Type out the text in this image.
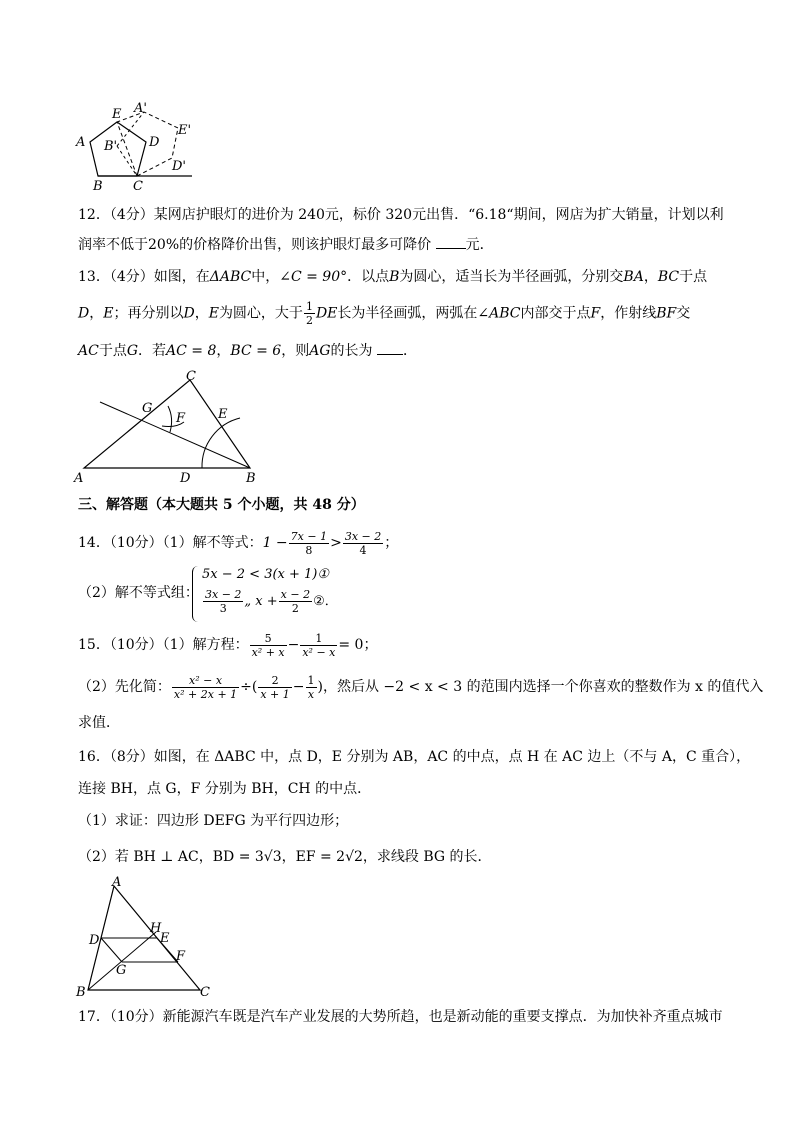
A
E A'
E'
B' D
D'
B C
12．（4分）某网店护眼灯的进价为 240元，标价 320元出售．“6.18“期间，网店为扩大销量，计划以利
润率不低于20%的价格降价出售，则该护眼灯最多可降价 元．
13．（4分）如图，在ΔABC中，∠C = 90°．以点B为圆心，适当长为半径画弧，分别交BA，BC于点
D，E；再分别以D，E为圆心，大于 $\frac{1}{2}$ DE长为半径画弧，两弧在∠ABC内部交于点F，作射线BF交
AC于点G．若AC = 8，BC = 6，则AG的长为 ．
A	B
C
D
E
F
G
三、解答题（本大题共 5 个小题，共 48 分）
14．（10分）（1）解不等式：$1 - \frac{7x - 1}{8} > \frac{3x - 2}{4}$ ；
（2）解不等式组：
5x − 2 < 3(x + 1)①
$\frac{3x - 2}{3}$ „ $x + \frac{x - 2}{2}$ ②．
15．（10分）（1）解方程： $\frac{5}{\text{x² + x}} - \frac{1}{\text{x² − x}} = 0$；
（2）先化简： $\frac{\text{x² − x}}{\text{x² + 2x + 1}}$ ÷( $\frac{2}{x + 1} - \frac{1}{x}$ )，然后从 −2 < x < 3 的范围内选择一个你喜欢的整数作为 x 的值代入
求值．
16．（8分）如图，在 ΔABC 中，点 D，E 分别为 AB，AC 的中点，点 H 在 AC 边上（不与 A，C 重合），
连接 BH，点 G，F 分别为 BH，CH 的中点．
（1）求证：四边形 DEFG 为平行四边形；
（2）若 BH ⊥ AC，BD = 3√3，EF = 2√2，求线段 BG 的长．
A
B	C
D	E
F
G
H
17．（10分）新能源汽车既是汽车产业发展的大势所趋，也是新动能的重要支撑点．为加快补齐重点城市
